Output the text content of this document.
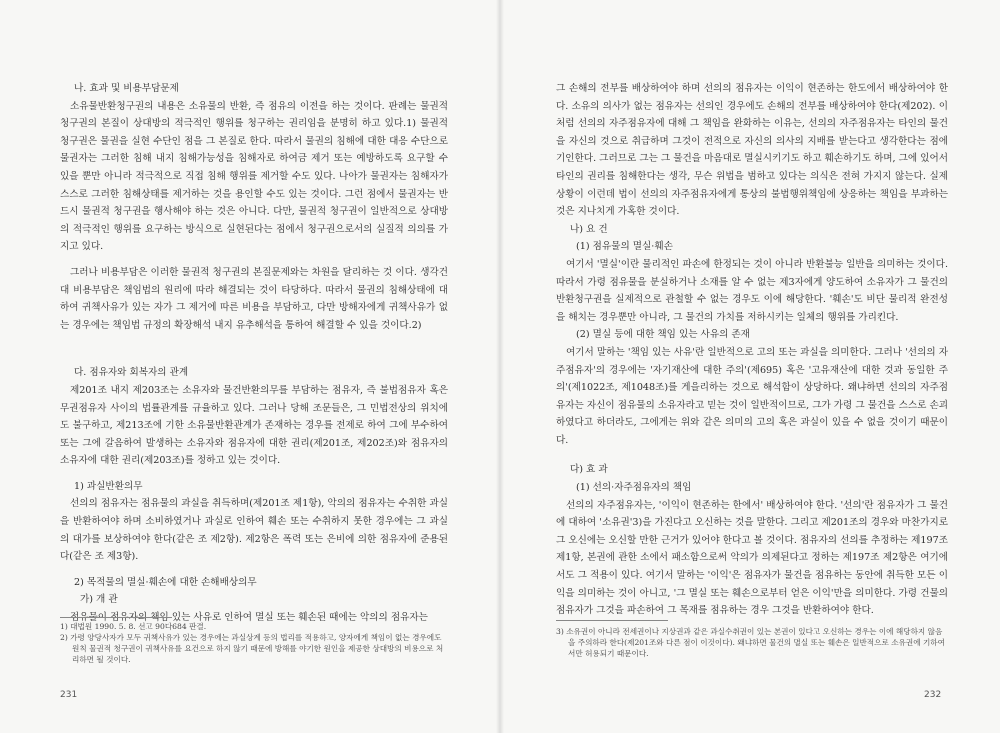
나. 효과 및 비용부담문제

소유물반환청구권의 내용은 소유물의 반환, 즉 점유의 이전을 하는 것이다. 판례는 물권적 청구권의 본질이 상대방의 적극적인 행위를 청구하는 권리임을 분명히 하고 있다.1) 물권적 청구권은 물권을 실현 수단인 점을 그 본질로 한다. 따라서 물권의 침해에 대한 대응 수단으로 물권자는 그러한 침해 내지 침해가능성을 침해자로 하여금 제거 또는 예방하도록 요구할 수 있을 뿐만 아니라 적극적으로 직접 침해 행위를 제거할 수도 있다. 나아가 물권자는 침해자가 스스로 그러한 침해상태를 제거하는 것을 용인할 수도 있는 것이다. 그런 점에서 물권자는 반드시 물권적 청구권을 행사해야 하는 것은 아니다. 다만, 물권적 청구권이 일반적으로 상대방의 적극적인 행위를 요구하는 방식으로 실현된다는 점에서 청구권으로서의 실질적 의의를 가지고 있다.

그러나 비용부담은 이러한 물권적 청구권의 본질문제와는 차원을 달리하는 것 이다. 생각건대 비용부담은 책임법의 원리에 따라 해결되는 것이 타당하다. 따라서 물권의 침해상태에 대하여 귀책사유가 있는 자가 그 제거에 따른 비용을 부담하고, 다만 방해자에게 귀책사유가 없는 경우에는 책임법 규정의 확장해석 내지 유추해석을 통하여 해결할 수 있을 것이다.2)

다. 점유자와 회복자의 관계

제201조 내지 제203조는 소유자와 물건반환의무를 부담하는 점유자, 즉 불법점유자 혹은 무권점유자 사이의 법률관계를 규율하고 있다. 그러나 당해 조문들은, 그 민법전상의 위치에도 불구하고, 제213조에 기한 소유물반환관계가 존재하는 경우를 전제로 하여 그에 부수하여 또는 그에 갈음하여 발생하는 소유자와 점유자에 대한 권리(제201조, 제202조)와 점유자의 소유자에 대한 권리(제203조)를 정하고 있는 것이다.

1) 과실반환의무

선의의 점유자는 점유물의 과실을 취득하며(제201조 제1항), 악의의 점유자는 수취한 과실을 반환하여야 하며 소비하였거나 과실로 인하여 훼손 또는 수취하지 못한 경우에는 그 과실의 대가를 보상하여야 한다(같은 조 제2항). 제2항은 폭력 또는 은비에 의한 점유자에 준용된다(같은 조 제3항).

2) 목적물의 멸실·훼손에 대한 손해배상의무
가) 개 관

점유물이 점유자의 책임 있는 사유로 인하여 멸실 또는 훼손된 때에는 악의의 점유자는

1) 대법원 1990. 5. 8. 선고 90다684 판결.
2) 가령 양당사자가 모두 귀책사유가 있는 경우에는 과실상계 등의 법리를 적용하고, 양자에게 책임이 없는 경우에도 원칙 물권적 청구권이 귀책사유를 요건으로 하지 않기 때문에 방해를 야기한 원인을 제공한 상대방의 비용으로 처리하면 될 것이다.
231

그 손해의 전부를 배상하여야 하며 선의의 점유자는 이익이 현존하는 한도에서 배상하여야 한다. 소유의 의사가 없는 점유자는 선의인 경우에도 손해의 전부를 배상하여야 한다(제202). 이처럼 선의의 자주점유자에 대해 그 책임을 완화하는 이유는, 선의의 자주점유자는 타인의 물건을 자신의 것으로 취급하며 그것이 전적으로 자신의 의사의 지배를 받는다고 생각한다는 점에 기인한다. 그러므로 그는 그 물건을 마음대로 멸실시키기도 하고 훼손하기도 하며, 그에 있어서 타인의 권리를 침해한다는 생각, 무슨 위법을 범하고 있다는 의식은 전혀 가지지 않는다. 실제 상황이 이런데 법이 선의의 자주점유자에게 통상의 불법행위책임에 상응하는 책임을 부과하는 것은 지나치게 가혹한 것이다.

나) 요 건
(1) 점유물의 멸실·훼손

여기서 '멸실'이란 물리적인 파손에 한정되는 것이 아니라 반환불능 일반을 의미하는 것이다. 따라서 가령 점유물을 분실하거나 소재를 알 수 없는 제3자에게 양도하여 소유자가 그 물건의 반환청구권을 실제적으로 관철할 수 없는 경우도 이에 해당한다. '훼손'도 비단 물리적 완전성을 해치는 경우뿐만 아니라, 그 물건의 가치를 저하시키는 일체의 행위를 가리킨다.

(2) 멸실 등에 대한 책임 있는 사유의 존재

여기서 말하는 '책임 있는 사유'란 일반적으로 고의 또는 과실을 의미한다. 그러나 '선의의 자주점유자'의 경우에는 '자기재산에 대한 주의'(제695) 혹은 '고유재산에 대한 것과 동일한 주의'(제1022조, 제1048조)를 게을리하는 것으로 해석함이 상당하다. 왜냐하면 선의의 자주점유자는 자신이 점유물의 소유자라고 믿는 것이 일반적이므로, 그가 가령 그 물건을 스스로 손괴하였다고 하더라도, 그에게는 위와 같은 의미의 고의 혹은 과실이 있을 수 없을 것이기 때문이다.

다) 효 과
(1) 선의·자주점유자의 책임

선의의 자주점유자는, '이익이 현존하는 한에서' 배상하여야 한다. '선의'란 점유자가 그 물건에 대하여 '소유권'3)을 가진다고 오신하는 것을 말한다. 그리고 제201조의 경우와 마찬가지로 그 오신에는 오신할 만한 근거가 있어야 한다고 볼 것이다. 점유자의 선의를 추정하는 제197조 제1항, 본권에 관한 소에서 패소함으로써 악의가 의제된다고 정하는 제197조 제2항은 여기에서도 그 적용이 있다. 여기서 말하는 '이익'은 점유자가 물건을 점유하는 동안에 취득한 모든 이익을 의미하는 것이 아니고, '그 멸실 또는 훼손으로부터 얻은 이익'만을 의미한다. 가령 건물의 점유자가 그것을 파손하여 그 목재를 점유하는 경우 그것을 반환하여야 한다.

3) 소유권이 아니라 전세권이나 지상권과 같은 과실수취권이 있는 본권이 있다고 오신하는 경우는 이에 해당하지 않음을 주의하라 한다(제201조와 다른 점이 이것이다). 왜냐하면 물건의 멸실 또는 훼손은 일반적으로 소유권에 기하여서만 허용되기 때문이다.
232
